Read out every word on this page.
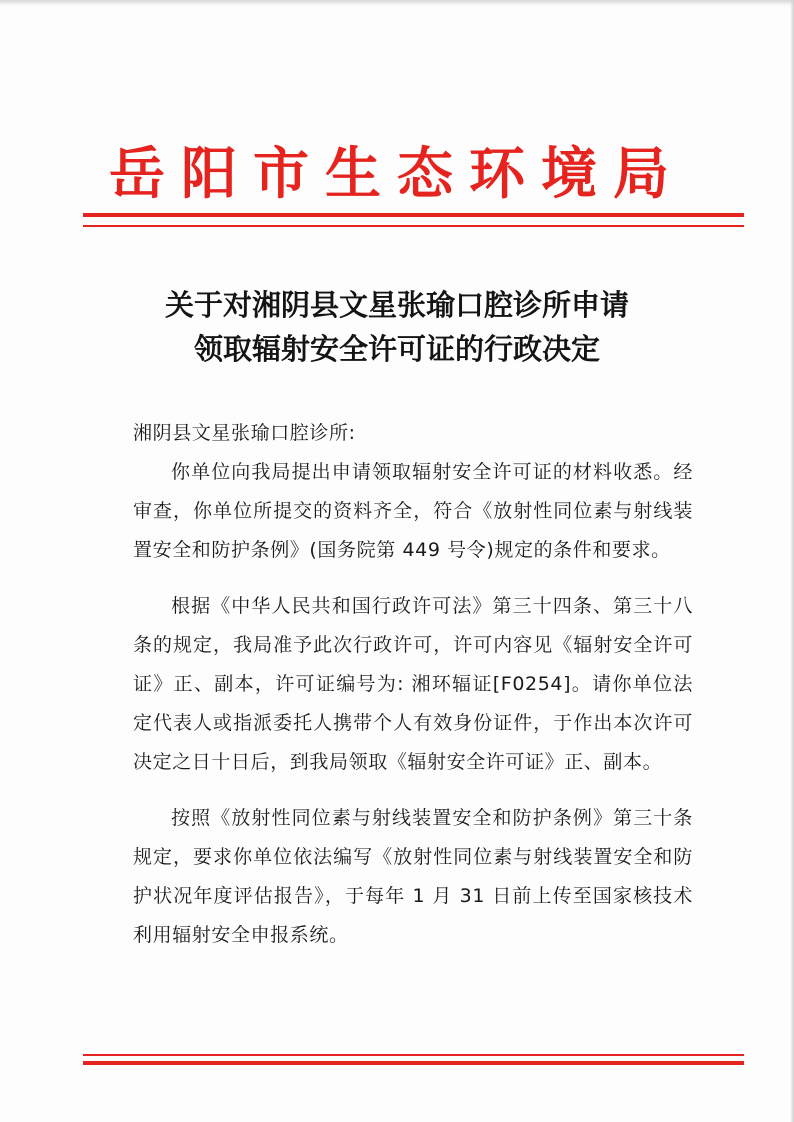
岳阳市生态环境局
关于对湘阴县文星张瑜口腔诊所申请
领取辐射安全许可证的行政决定

湘阴县文星张瑜口腔诊所:

你单位向我局提出申请领取辐射安全许可证的材料收悉。经审查，你单位所提交的资料齐全，符合《放射性同位素与射线装置安全和防护条例》(国务院第 449 号令)规定的条件和要求。

根据《中华人民共和国行政许可法》第三十四条、第三十八条的规定，我局准予此次行政许可，许可内容见《辐射安全许可证》正、副本，许可证编号为: 湘环辐证[F0254]。请你单位法定代表人或指派委托人携带个人有效身份证件，于作出本次许可决定之日十日后，到我局领取《辐射安全许可证》正、副本。

按照《放射性同位素与射线装置安全和防护条例》第三十条规定，要求你单位依法编写《放射性同位素与射线装置安全和防护状况年度评估报告》，于每年 1 月 31 日前上传至国家核技术利用辐射安全申报系统。
